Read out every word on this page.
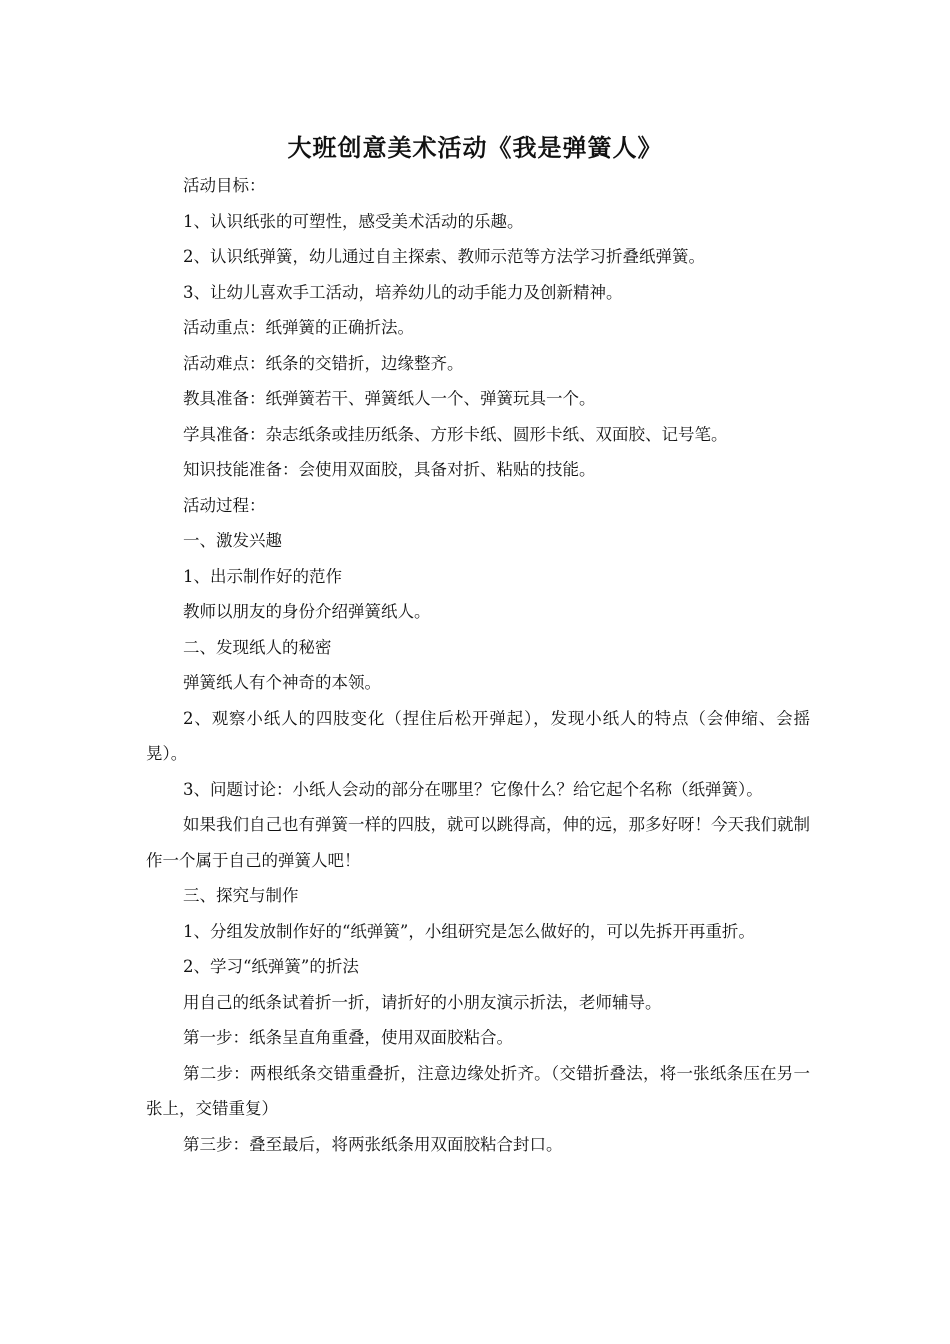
大班创意美术活动《我是弹簧人》

活动目标：

1、认识纸张的可塑性，感受美术活动的乐趣。

2、认识纸弹簧，幼儿通过自主探索、教师示范等方法学习折叠纸弹簧。

3、让幼儿喜欢手工活动，培养幼儿的动手能力及创新精神。

活动重点：纸弹簧的正确折法。

活动难点：纸条的交错折，边缘整齐。

教具准备：纸弹簧若干、弹簧纸人一个、弹簧玩具一个。

学具准备：杂志纸条或挂历纸条、方形卡纸、圆形卡纸、双面胶、记号笔。

知识技能准备：会使用双面胶，具备对折、粘贴的技能。

活动过程：

一、激发兴趣

1、出示制作好的范作

教师以朋友的身份介绍弹簧纸人。

二、发现纸人的秘密

弹簧纸人有个神奇的本领。

2、观察小纸人的四肢变化（捏住后松开弹起），发现小纸人的特点（会伸缩、会摇晃）。

3、问题讨论：小纸人会动的部分在哪里？它像什么？给它起个名称（纸弹簧）。

如果我们自己也有弹簧一样的四肢，就可以跳得高，伸的远，那多好呀！今天我们就制作一个属于自己的弹簧人吧！

三、探究与制作

1、分组发放制作好的“纸弹簧”，小组研究是怎么做好的，可以先拆开再重折。

2、学习“纸弹簧”的折法

用自己的纸条试着折一折，请折好的小朋友演示折法，老师辅导。

第一步：纸条呈直角重叠，使用双面胶粘合。

第二步：两根纸条交错重叠折，注意边缘处折齐。（交错折叠法，将一张纸条压在另一张上，交错重复）

第三步：叠至最后，将两张纸条用双面胶粘合封口。
